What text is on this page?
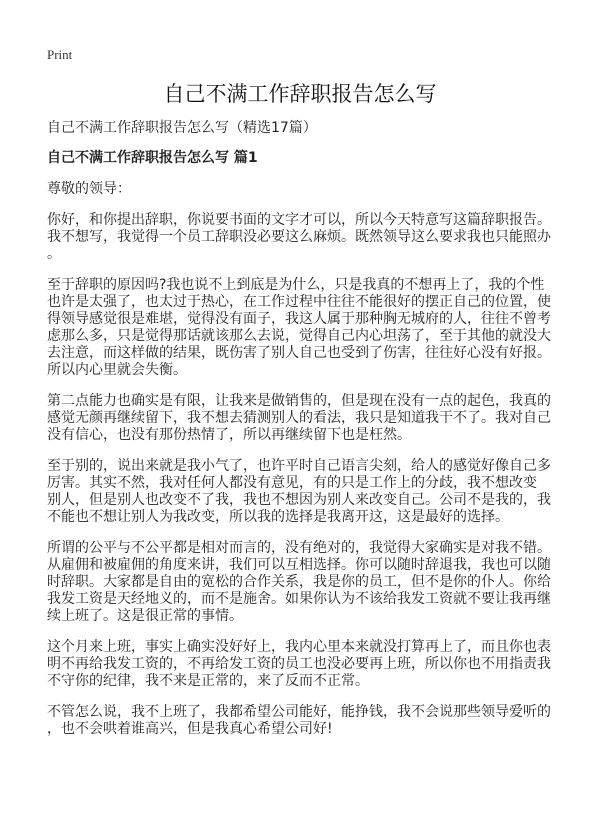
Print
自己不满工作辞职报告怎么写
自己不满工作辞职报告怎么写（精选17篇）
自己不满工作辞职报告怎么写 篇1
尊敬的领导：
你好，和你提出辞职，你说要书面的文字才可以，所以今天特意写这篇辞职报告。
我不想写，我觉得一个员工辞职没必要这么麻烦。既然领导这么要求我也只能照办
。
至于辞职的原因吗?我也说不上到底是为什么，只是我真的不想再上了，我的个性
也许是太强了，也太过于热心，在工作过程中往往不能很好的摆正自己的位置，使
得领导感觉很是难堪，觉得没有面子，我这人属于那种胸无城府的人，往往不曾考
虑那么多，只是觉得那话就该那么去说，觉得自己内心坦荡了，至于其他的就没大
去注意，而这样做的结果，既伤害了别人自己也受到了伤害，往往好心没有好报。
所以内心里就会失衡。
第二点能力也确实是有限，让我来是做销售的，但是现在没有一点的起色，我真的
感觉无颜再继续留下，我不想去猜测别人的看法，我只是知道我干不了。我对自己
没有信心，也没有那份热情了，所以再继续留下也是枉然。
至于别的，说出来就是我小气了，也许平时自己语言尖刻，给人的感觉好像自己多
厉害。其实不然，我对任何人都没有意见，有的只是工作上的分歧，我不想改变
别人，但是别人也改变不了我，我也不想因为别人来改变自己。公司不是我的，我
不能也不想让别人为我改变，所以我的选择是我离开这，这是最好的选择。
所谓的公平与不公平都是相对而言的，没有绝对的，我觉得大家确实是对我不错。
从雇佣和被雇佣的角度来讲，我们可以互相选择。你可以随时辞退我，我也可以随
时辞职。大家都是自由的宽松的合作关系，我是你的员工，但不是你的仆人。你给
我发工资是天经地义的，而不是施舍。如果你认为不该给我发工资就不要让我再继
续上班了。这是很正常的事情。
这个月来上班，事实上确实没好好上，我内心里本来就没打算再上了，而且你也表
明不再给我发工资的，不再给发工资的员工也没必要再上班，所以你也不用指责我
不守你的纪律，我不来是正常的，来了反而不正常。
不管怎么说，我不上班了，我都希望公司能好，能挣钱，我不会说那些领导爱听的
，也不会哄着谁高兴，但是我真心希望公司好!
